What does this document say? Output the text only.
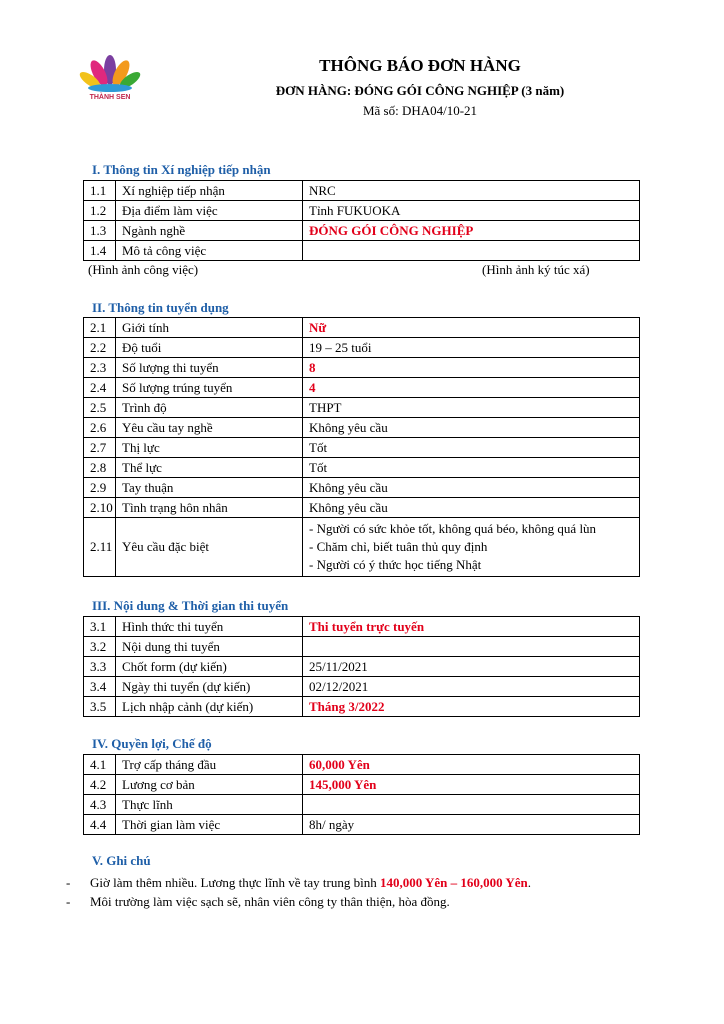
THÀNH SEN
THÔNG BÁO ĐƠN HÀNG
ĐƠN HÀNG: ĐÓNG GÓI CÔNG NGHIỆP (3 năm)
Mã số: DHA04/10-21
I. Thông tin Xí nghiệp tiếp nhận
1.1	Xí nghiệp tiếp nhận	NRC
1.2	Địa điểm làm việc	Tỉnh FUKUOKA
1.3	Ngành nghề	ĐÓNG GÓI CÔNG NGHIỆP
1.4	Mô tả công việc	
(Hình ảnh công việc)	(Hình ảnh ký túc xá)
II. Thông tin tuyển dụng
2.1	Giới tính	Nữ
2.2	Độ tuổi	19 – 25 tuổi
2.3	Số lượng thi tuyển	8
2.4	Số lượng trúng tuyển	4
2.5	Trình độ	THPT
2.6	Yêu cầu tay nghề	Không yêu cầu
2.7	Thị lực	Tốt
2.8	Thể lực	Tốt
2.9	Tay thuận	Không yêu cầu
2.10	Tình trạng hôn nhân	Không yêu cầu
2.11	Yêu cầu đặc biệt	- Người có sức khỏe tốt, không quá béo, không quá lùn
- Chăm chỉ, biết tuân thủ quy định
- Người có ý thức học tiếng Nhật
III. Nội dung & Thời gian thi tuyển
3.1	Hình thức thi tuyển	Thi tuyển trực tuyến
3.2	Nội dung thi tuyển	
3.3	Chốt form (dự kiến)	25/11/2021
3.4	Ngày thi tuyển (dự kiến)	02/12/2021
3.5	Lịch nhập cảnh (dự kiến)	Tháng 3/2022
IV. Quyền lợi, Chế độ
4.1	Trợ cấp tháng đầu	60,000 Yên
4.2	Lương cơ bản	145,000 Yên
4.3	Thực lĩnh	
4.4	Thời gian làm việc	8h/ ngày
V. Ghi chú
- Giờ làm thêm nhiều. Lương thực lĩnh về tay trung bình 140,000 Yên – 160,000 Yên.
- Môi trường làm việc sạch sẽ, nhân viên công ty thân thiện, hòa đồng.
